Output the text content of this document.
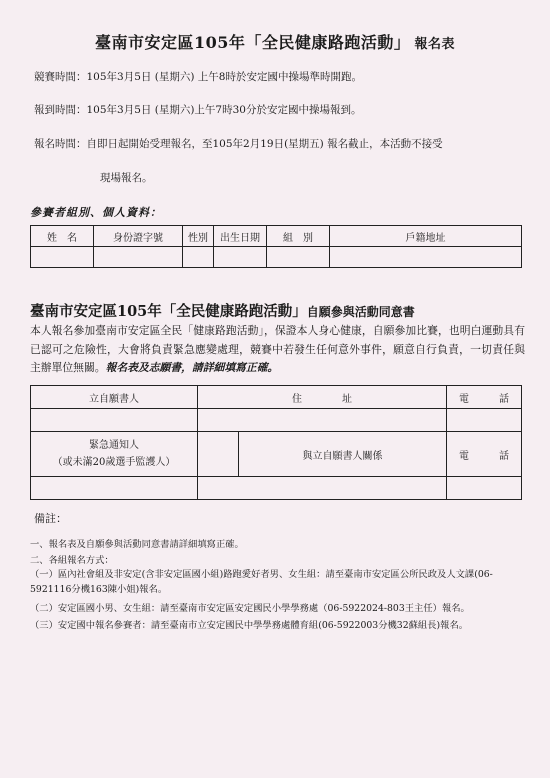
臺南市安定區105年「全民健康路跑活動」 報名表
競賽時間：105年3月5日 (星期六) 上午8時於安定國中操場準時開跑。
報到時間：105年3月5日 (星期六)上午7時30分於安定國中操場報到。
報名時間：自即日起開始受理報名，至105年2月19日(星期五) 報名截止，本活動不接受
現場報名。
參賽者組別、個人資料：
姓　名	身份證字號	性別	出生日期	組　別	戶籍地址

臺南市安定區105年「全民健康路跑活動」自願參與活動同意書
本人報名參加臺南市安定區全民「健康路跑活動」，保證本人身心健康，自願參加比賽，也明白運動具有已認可之危險性，大會將負責緊急應變處理，競賽中若發生任何意外事件，願意自行負責，一切責任與主辦單位無關。報名表及志願書，請詳細填寫正確。
立自願書人	住　　　　址		電　　　話

緊急通知人
（或未滿20歲選手監護人）		與立自願書人關係	電　　　話

備註：
一、報名表及自願參與活動同意書請詳細填寫正確。
二、各組報名方式：
（一）區內社會組及非安定(含非安定區國小組)路跑愛好者男、女生組：請至臺南市安定區公所民政及人文課(06-5921116分機163陳小姐)報名。
（二）安定區國小男、女生組：請至臺南市安定區安定國民小學學務處（06-5922024-803王主任）報名。
（三）安定國中報名參賽者：請至臺南市立安定國民中學學務處體育組(06-5922003分機32蘇組長)報名。
